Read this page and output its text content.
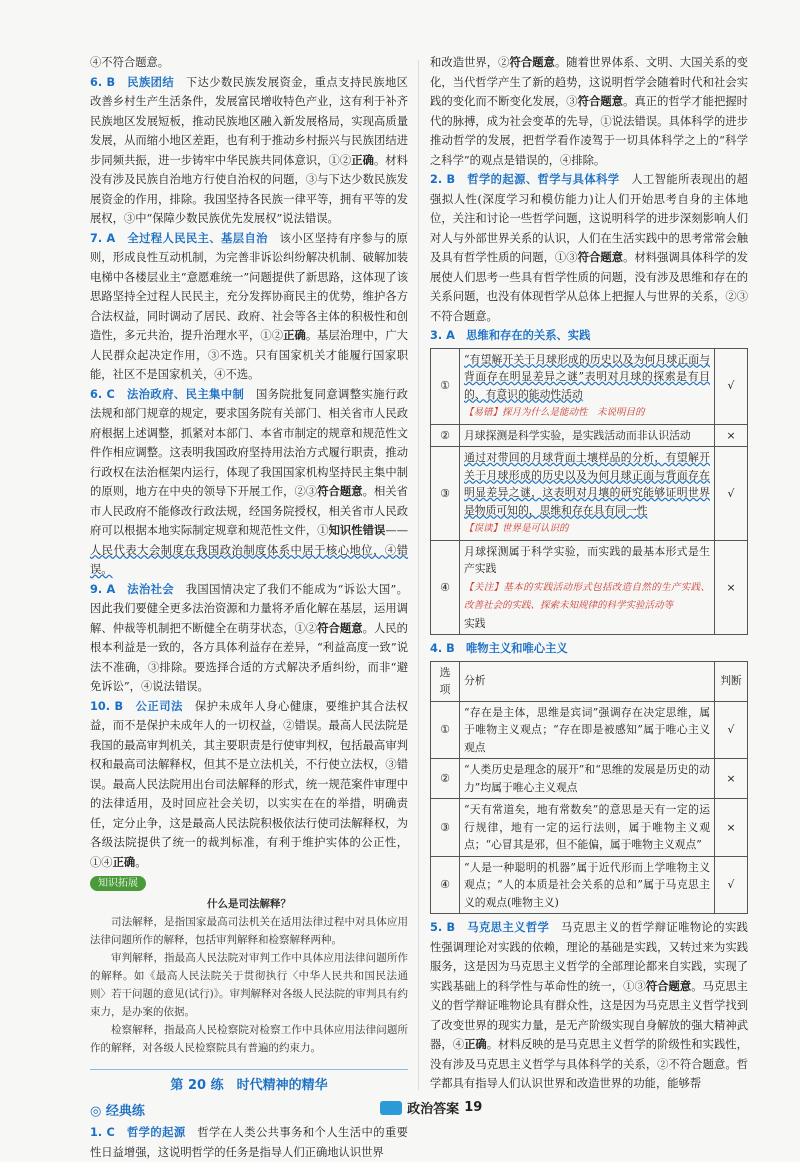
④不符合题意。

6. B　民族团结　 下达少数民族发展资金，重点支持民族地区改善乡村生产生活条件，发展富民增收特色产业，这有利于补齐民族地区发展短板，推动民族地区融入新发展格局，实现高质量发展，从而缩小地区差距，也有利于推动乡村振兴与民族团结进步同频共振，进一步铸牢中华民族共同体意识，①②正确。材料没有涉及民族自治地方行使自治权的问题，③与下达少数民族发展资金的作用，排除。我国坚持各民族一律平等，拥有平等的发展权，③中“保障少数民族优先发展权”说法错误。

7. A　全过程人民民主、基层自治　 该小区坚持有序参与的原则，形成良性互动机制，为完善非诉讼纠纷解决机制、破解加装电梯中各楼层业主“意愿难统一”问题提供了新思路，这体现了该思路坚持全过程人民民主，充分发挥协商民主的优势，维护各方合法权益，同时调动了居民、政府、社会等各主体的积极性和创造性，多元共治，提升治理水平，①②正确。基层治理中，广大人民群众起决定作用，③不选。只有国家机关才能履行国家职能，社区不是国家机关，④不选。

6. C　法治政府、民主集中制　 国务院批复同意调整实施行政法规和部门规章的规定，要求国务院有关部门、相关省市人民政府根据上述调整，抓紧对本部门、本省市制定的规章和规范性文件作相应调整。这表明我国政府坚持用法治方式履行职责，推动行政权在法治框架内运行，体现了我国国家机构坚持民主集中制的原则，地方在中央的领导下开展工作，②③符合题意。相关省市人民政府不能修改行政法规，经国务院授权，相关省市人民政府可以根据本地实际制定规章和规范性文件，①知识性错误——人民代表大会制度在我国政治制度体系中居于核心地位，④错误。

9. A　法治社会　 我国国情决定了我们不能成为“诉讼大国”。因此我们要健全更多法治资源和力量将矛盾化解在基层，运用调解、仲裁等机制把不断健全在萌芽状态，①②符合题意。人民的根本利益是一致的，各方具体利益存在差异，“利益高度一致”说法不准确，③排除。要选择合适的方式解决矛盾纠纷，而非“避免诉讼”，④说法错误。

10. B　公正司法　 保护未成年人身心健康，要维护其合法权益，而不是保护未成年人的一切权益，②错误。最高人民法院是我国的最高审判机关，其主要职责是行使审判权，包括最高审判权和最高司法解释权，但其不是立法机关，不行使立法权，③错误。最高人民法院用出台司法解释的形式，统一规范案件审理中的法律适用，及时回应社会关切，以实实在在的举措，明确责任，定分止争，这是最高人民法院积极依法行使司法解释权，为各级法院提供了统一的裁判标准，有利于维护实体的公正性，①④正确。

知识拓展
什么是司法解释？

司法解释，是指国家最高司法机关在适用法律过程中对具体应用法律问题所作的解释，包括审判解释和检察解释两种。

审判解释，指最高人民法院对审判工作中具体应用法律问题所作的解释。如《最高人民法院关于贯彻执行〈中华人民共和国民法通则〉若干问题的意见(试行)》。审判解释对各级人民法院的审判具有约束力，是办案的依据。

检察解释，指最高人民检察院对检察工作中具体应用法律问题所作的解释，对各级人民检察院具有普遍的约束力。

第 20 练　时代精神的精华
◎ 经典练

1. C　哲学的起源　 哲学在人类公共事务和个人生活中的重要性日益增强，这说明哲学的任务是指导人们正确地认识世界

和改造世界，②符合题意。随着世界体系、文明、大国关系的变化，当代哲学产生了新的趋势，这说明哲学会随着时代和社会实践的变化而不断变化发展，③符合题意。真正的哲学才能把握时代的脉搏，成为社会变革的先导，①说法错误。具体科学的进步推动哲学的发展，把哲学看作凌驾于一切具体科学之上的“科学之科学”的观点是错误的，④排除。

2. B　哲学的起源、哲学与具体科学　 人工智能所表现出的超强拟人性(深度学习和模仿能力)让人们开始思考自身的主体地位，关注和讨论一些哲学问题，这说明科学的进步深刻影响人们对人与外部世界关系的认识，人们在生活实践中的思考常常会触及具有哲学性质的问题，①③符合题意。材料强调具体科学的发展使人们思考一些具有哲学性质的问题，没有涉及思维和存在的关系问题，也没有体现哲学从总体上把握人与世界的关系，②③不符合题意。

3. A　思维和存在的关系、实践
①	“有望解开关于月球形成的历史以及为何月球正面与背面存在明显差异之谜”表明对月球的探索是有目的、有意识的能动性活动
【易错】探月为什么是能动性　未说明目的	√
②	月球探测是科学实验，是实践活动而非认识活动	×
③	通过对带回的月球背面土壤样品的分析，有望解开关于月球形成的历史以及为何月球正面与背面存在明显差异之谜，这表明对月壤的研究能够证明世界是物质可知的，思维和存在具有同一性
【误读】世界是可认识的	√
④	月球探测属于科学实验，而实践的最基本形式是生产实践
【关注】基本的实践活动形式包括改造自然的生产实践、改善社会的实践、探索未知规律的科学实验活动等
实践	×
4. B　唯物主义和唯心主义
选项	分析	判断
①	“存在是主体，思维是宾词”强调存在决定思维，属于唯物主义观点；“存在即是被感知”属于唯心主义观点	√
②	“人类历史是理念的展开”和“思维的发展是历史的动力”均属于唯心主义观点	×
③	“天有常道矣，地有常数矣”的意思是天有一定的运行规律，地有一定的运行法则，属于唯物主义观点；“心冒其是邪，但不能偏，属于唯物主义观点”	×
④	“人是一种聪明的机器”属于近代形而上学唯物主义观点；“人的本质是社会关系的总和”属于马克思主义的观点(唯物主义)	√

5. B　马克思主义哲学　 马克思主义的哲学辩证唯物论的实践性强调理论对实践的依赖，理论的基础是实践，又转过来为实践服务，这是因为马克思主义哲学的全部理论都来自实践，实现了实践基础上的科学性与革命性的统一，①③符合题意。马克思主义的哲学辩证唯物论具有群众性，这是因为马克思主义哲学找到了改变世界的现实力量，是无产阶级实现自身解放的强大精神武器，④正确。材料反映的是马克思主义哲学的阶级性和实践性，没有涉及马克思主义哲学与具体科学的关系，②不符合题意。哲学都具有指导人们认识世界和改造世界的功能，能够帮

政治答案 19
